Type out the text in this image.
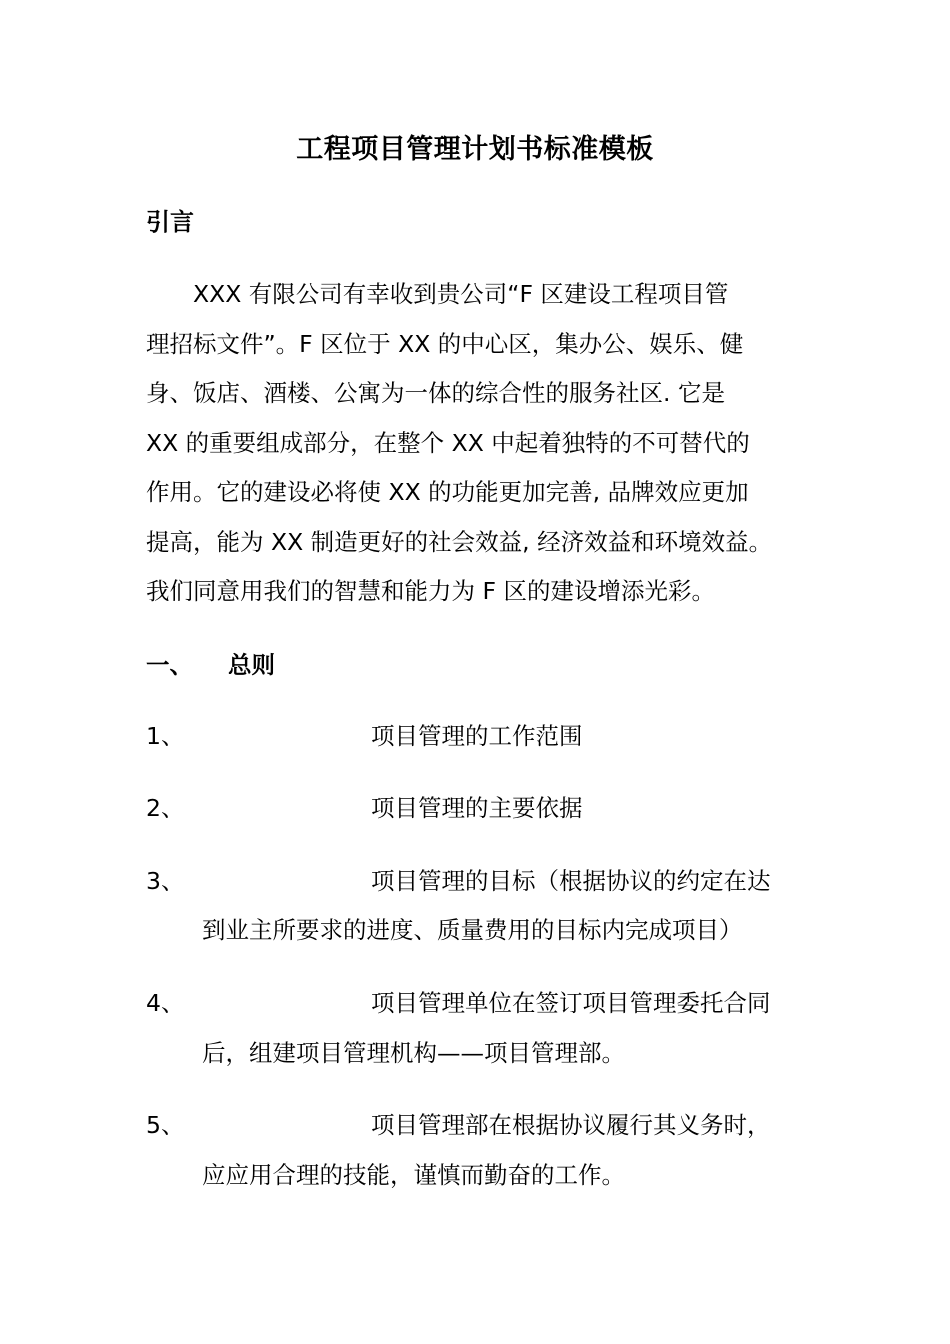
工程项目管理计划书标准模板
引言
XXX 有限公司有幸收到贵公司“F 区建设工程项目管
理招标文件”。F 区位于 XX 的中心区，集办公、娱乐、健
身、饭店、酒楼、公寓为一体的综合性的服务社区. 它是
XX 的重要组成部分，在整个 XX 中起着独特的不可替代的
作用。它的建设必将使 XX 的功能更加完善, 品牌效应更加
提高，能为 XX 制造更好的社会效益, 经济效益和环境效益。
我们同意用我们的智慧和能力为 F 区的建设增添光彩。
一、 总则
1、	项目管理的工作范围
2、	项目管理的主要依据
3、	项目管理的目标（根据协议的约定在达
到业主所要求的进度、质量费用的目标内完成项目）
4、	项目管理单位在签订项目管理委托合同
后，组建项目管理机构——项目管理部。
5、	项目管理部在根据协议履行其义务时，
应应用合理的技能，谨慎而勤奋的工作。
